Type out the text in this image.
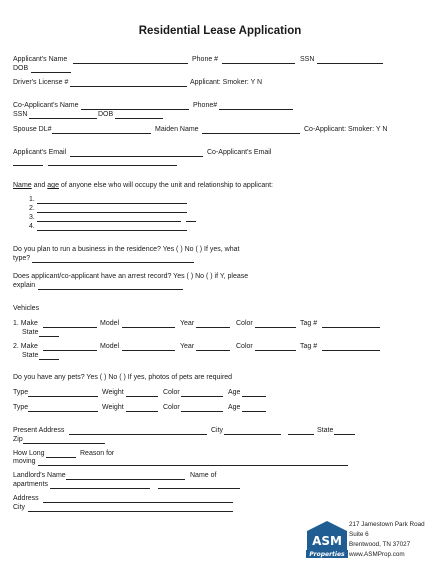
Residential Lease Application
Applicant's Name	Phone #	SSN
DOB
Driver's License #	Applicant: Smoker: Y N
Co-Applicant's Name	Phone#
SSN	DOB
Spouse DL#	Maiden Name	Co-Applicant: Smoker: Y N
Applicant's Email	Co-Applicant's Email
Name and age of anyone else who will occupy the unit and relationship to applicant:
1.
2.
3.
4.
Do you plan to run a business in the residence? Yes ( ) No ( ) If yes, what
type?
Does applicant/co-applicant have an arrest record? Yes ( ) No ( ) if Y, please
explain
Vehicles
1. Make	Model	Year	Color	Tag #
State
2. Make	Model	Year	Color	Tag #
State
Do you have any pets? Yes ( ) No ( ) If yes, photos of pets are required
Type	Weight	Color	Age
Type	Weight	Color	Age
Present Address	City	State
Zip
How Long	Reason for
moving
Landlord's Name	Name of
apartments
Address
City
ASM
Properties
217 Jamestown Park Road
Suite 6
Brentwood, TN 37027
www.ASMProp.com
